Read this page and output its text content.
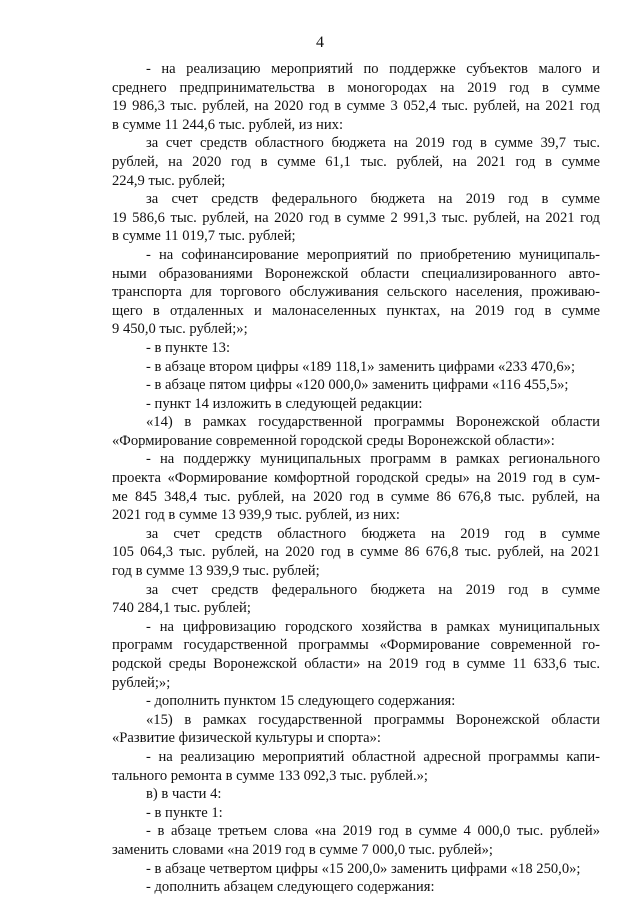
4
- на реализацию мероприятий по поддержке субъектов малого и
среднего предпринимательства в моногородах на 2019 год в сумме
19 986,3 тыс. рублей, на 2020 год в сумме 3 052,4 тыс. рублей, на 2021 год
в сумме 11 244,6 тыс. рублей, из них:
за счет средств областного бюджета на 2019 год в сумме 39,7 тыс.
рублей, на 2020 год в сумме 61,1 тыс. рублей, на 2021 год в сумме
224,9 тыс. рублей;
за счет средств федерального бюджета на 2019 год в сумме
19 586,6 тыс. рублей, на 2020 год в сумме 2 991,3 тыс. рублей, на 2021 год
в сумме 11 019,7 тыс. рублей;
- на софинансирование мероприятий по приобретению муниципаль-
ными образованиями Воронежской области специализированного авто-
транспорта для торгового обслуживания сельского населения, проживаю-
щего в отдаленных и малонаселенных пунктах, на 2019 год в сумме
9 450,0 тыс. рублей;»;
- в пункте 13:
- в абзаце втором цифры «189 118,1» заменить цифрами «233 470,6»;
- в абзаце пятом цифры «120 000,0» заменить цифрами «116 455,5»;
- пункт 14 изложить в следующей редакции:
«14) в рамках государственной программы Воронежской области
«Формирование современной городской среды Воронежской области»:
- на поддержку муниципальных программ в рамках регионального
проекта «Формирование комфортной городской среды» на 2019 год в сум-
ме 845 348,4 тыс. рублей, на 2020 год в сумме 86 676,8 тыс. рублей, на
2021 год в сумме 13 939,9 тыс. рублей, из них:
за счет средств областного бюджета на 2019 год в сумме
105 064,3 тыс. рублей, на 2020 год в сумме 86 676,8 тыс. рублей, на 2021
год в сумме 13 939,9 тыс. рублей;
за счет средств федерального бюджета на 2019 год в сумме
740 284,1 тыс. рублей;
- на цифровизацию городского хозяйства в рамках муниципальных
программ государственной программы «Формирование современной го-
родской среды Воронежской области» на 2019 год в сумме 11 633,6 тыс.
рублей;»;
- дополнить пунктом 15 следующего содержания:
«15) в рамках государственной программы Воронежской области
«Развитие физической культуры и спорта»:
- на реализацию мероприятий областной адресной программы капи-
тального ремонта в сумме 133 092,3 тыс. рублей.»;
в) в части 4:
- в пункте 1:
- в абзаце третьем слова «на 2019 год в сумме 4 000,0 тыс. рублей»
заменить словами «на 2019 год в сумме 7 000,0 тыс. рублей»;
- в абзаце четвертом цифры «15 200,0» заменить цифрами «18 250,0»;
- дополнить абзацем следующего содержания:
